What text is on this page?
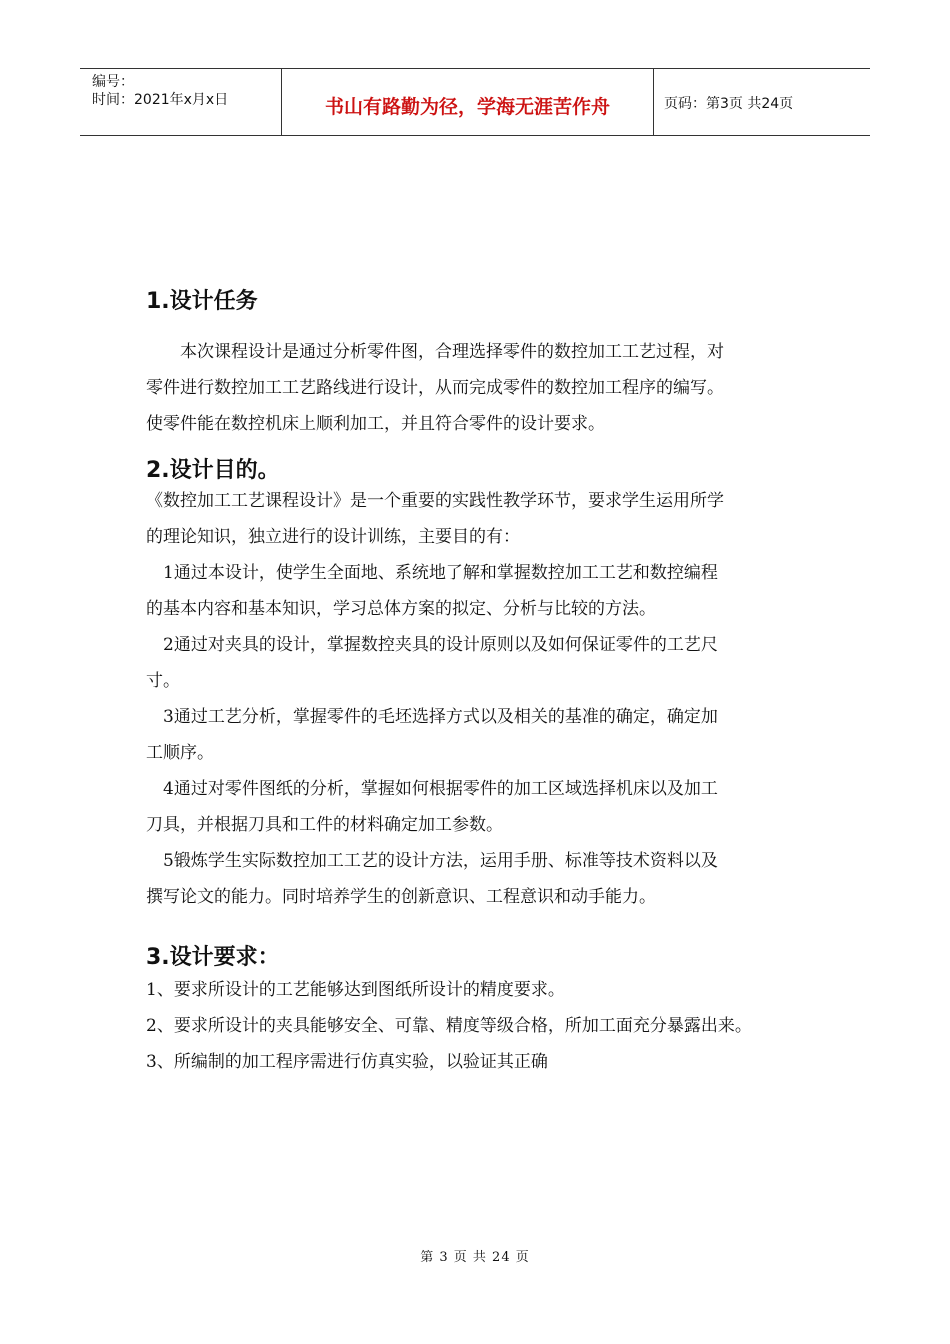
编号：
时间：2021年x月x日	书山有路勤为径，学海无涯苦作舟	页码：第3页 共24页
1.设计任务

　　本次课程设计是通过分析零件图，合理选择零件的数控加工工艺过程，对

零件进行数控加工工艺路线进行设计，从而完成零件的数控加工程序的编写。

使零件能在数控机床上顺利加工，并且符合零件的设计要求。

2.设计目的。

《数控加工工艺课程设计》是一个重要的实践性教学环节，要求学生运用所学

的理论知识，独立进行的设计训练，主要目的有：

　1通过本设计，使学生全面地、系统地了解和掌握数控加工工艺和数控编程

的基本内容和基本知识，学习总体方案的拟定、分析与比较的方法。

　2通过对夹具的设计，掌握数控夹具的设计原则以及如何保证零件的工艺尺

寸。

　3通过工艺分析，掌握零件的毛坯选择方式以及相关的基准的确定，确定加

工顺序。

　4通过对零件图纸的分析，掌握如何根据零件的加工区域选择机床以及加工

刀具，并根据刀具和工件的材料确定加工参数。

　5锻炼学生实际数控加工工艺的设计方法，运用手册、标准等技术资料以及

撰写论文的能力。同时培养学生的创新意识、工程意识和动手能力。

3.设计要求：

1、要求所设计的工艺能够达到图纸所设计的精度要求。

2、要求所设计的夹具能够安全、可靠、精度等级合格，所加工面充分暴露出来。

3、所编制的加工程序需进行仿真实验，以验证其正确

第 3 页 共 24 页
